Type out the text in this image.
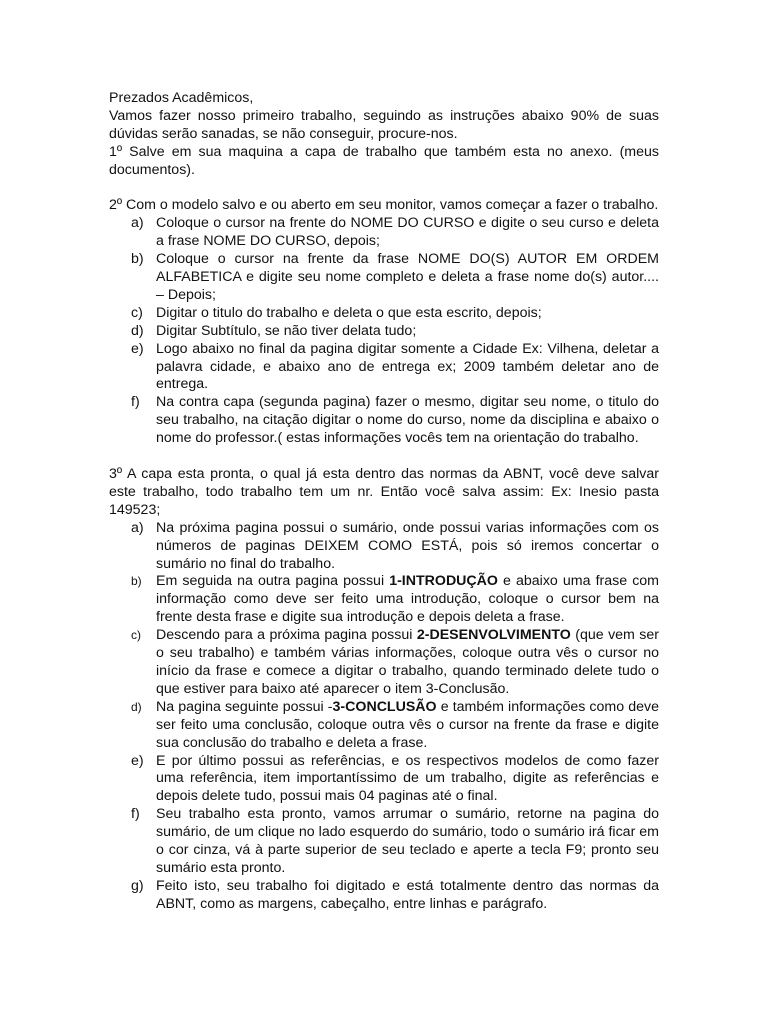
Prezados Acadêmicos,

Vamos fazer nosso primeiro trabalho, seguindo as instruções abaixo 90% de suas dúvidas serão sanadas, se não conseguir, procure-nos.

1º Salve em sua maquina a capa de trabalho que também esta no anexo. (meus documentos).

2º Com o modelo salvo e ou aberto em seu monitor, vamos começar a fazer o trabalho.

a) Coloque o cursor na frente do NOME DO CURSO e digite o seu curso e deleta a frase NOME DO CURSO, depois;
b) Coloque o cursor na frente da frase NOME DO(S) AUTOR EM ORDEM ALFABETICA e digite seu nome completo e deleta a frase nome do(s) autor.... – Depois;
c) Digitar o titulo do trabalho e deleta o que esta escrito, depois;
d) Digitar Subtítulo, se não tiver delata tudo;
e) Logo abaixo no final da pagina digitar somente a Cidade Ex: Vilhena, deletar a palavra cidade, e abaixo ano de entrega ex; 2009 também deletar ano de entrega.
f)	Na contra capa (segunda pagina) fazer o mesmo, digitar seu nome, o titulo do seu trabalho, na citação digitar o nome do curso, nome da disciplina e abaixo o nome do professor.( estas informações vocês tem na orientação do trabalho.

3º A capa esta pronta, o qual já esta dentro das normas da ABNT, você deve salvar este trabalho, todo trabalho tem um nr. Então você salva assim: Ex: Inesio pasta 149523;

a) Na próxima pagina possui o sumário, onde possui varias informações com os números de paginas DEIXEM COMO ESTÁ, pois só iremos concertar o sumário no final do trabalho.
b)	Em seguida na outra pagina possui 1-INTRODUÇÃO e abaixo uma frase com informação como deve ser feito uma introdução, coloque o cursor bem na frente desta frase e digite sua introdução e depois deleta a frase.
c)	Descendo para a próxima pagina possui 2-DESENVOLVIMENTO (que vem ser o seu trabalho) e também várias informações, coloque outra vês o cursor no início da frase e comece a digitar o trabalho, quando terminado delete tudo o que estiver para baixo até aparecer o item 3-Conclusão.
d)	Na pagina seguinte possui -3-CONCLUSÃO e também informações como deve ser feito uma conclusão, coloque outra vês o cursor na frente da frase e digite sua conclusão do trabalho e deleta a frase.
e) E por último possui as referências, e os respectivos modelos de como fazer uma referência, item importantíssimo de um trabalho, digite as referências e depois delete tudo, possui mais 04 paginas até o final.
f)	Seu trabalho esta pronto, vamos arrumar o sumário, retorne na pagina do sumário, de um clique no lado esquerdo do sumário, todo o sumário irá ficar em o cor cinza, vá à parte superior de seu teclado e aperte a tecla F9; pronto seu sumário esta pronto.
g) Feito isto, seu trabalho foi digitado e está totalmente dentro das normas da ABNT, como as margens, cabeçalho, entre linhas e parágrafo.
